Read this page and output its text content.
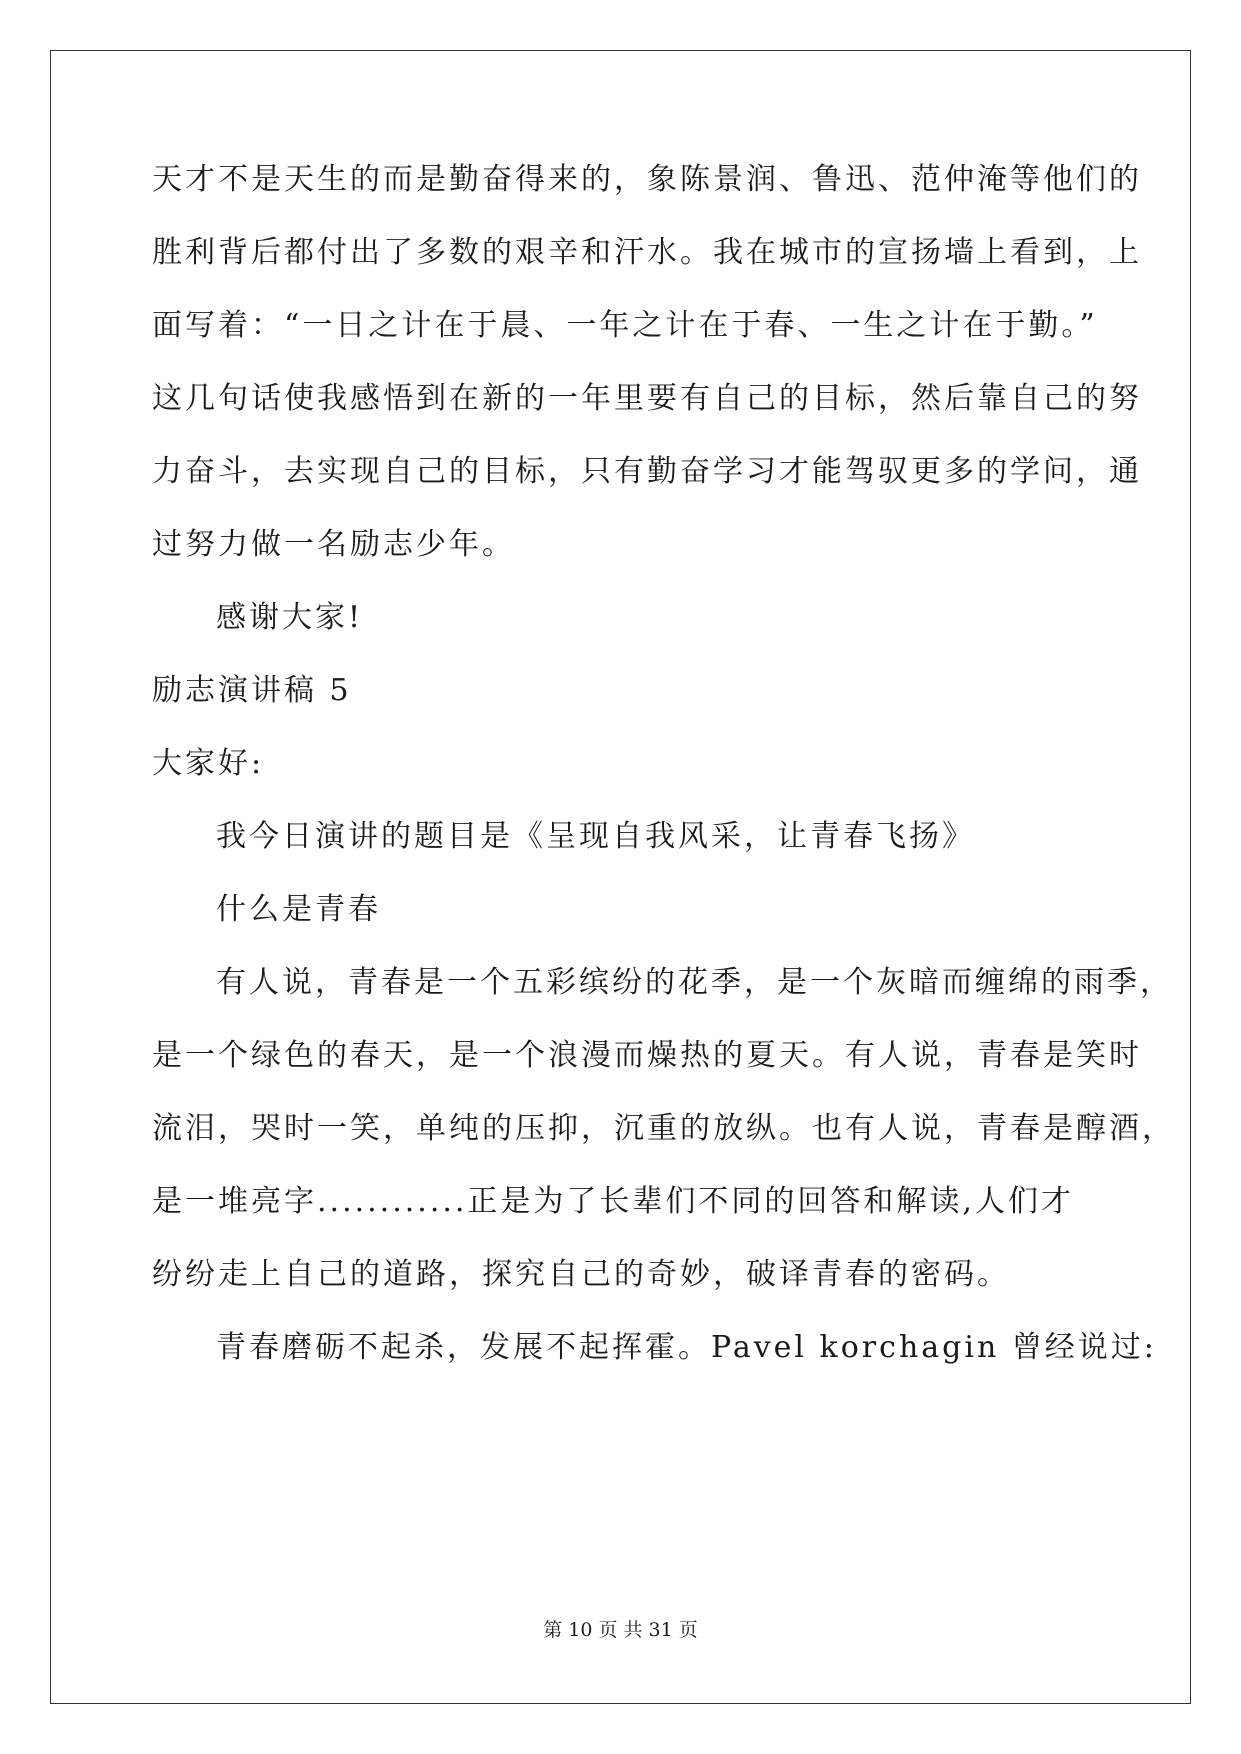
天才不是天生的而是勤奋得来的，象陈景润、鲁迅、范仲淹等他们的
胜利背后都付出了多数的艰辛和汗水。我在城市的宣扬墙上看到，上
面写着：“一日之计在于晨、一年之计在于春、一生之计在于勤。”
这几句话使我感悟到在新的一年里要有自己的目标，然后靠自己的努
力奋斗，去实现自己的目标，只有勤奋学习才能驾驭更多的学问，通
过努力做一名励志少年。
感谢大家!
励志演讲稿 5
大家好:
我今日演讲的题目是《呈现自我风采，让青春飞扬》
什么是青春
有人说，青春是一个五彩缤纷的花季，是一个灰暗而缠绵的雨季，
是一个绿色的春天，是一个浪漫而燥热的夏天。有人说，青春是笑时
流泪，哭时一笑，单纯的压抑，沉重的放纵。也有人说，青春是醇酒，
是一堆亮字............正是为了长辈们不同的回答和解读,人们才
纷纷走上自己的道路，探究自己的奇妙，破译青春的密码。
青春磨砺不起杀，发展不起挥霍。Pavel korchagin 曾经说过:
第 10 页 共 31 页
